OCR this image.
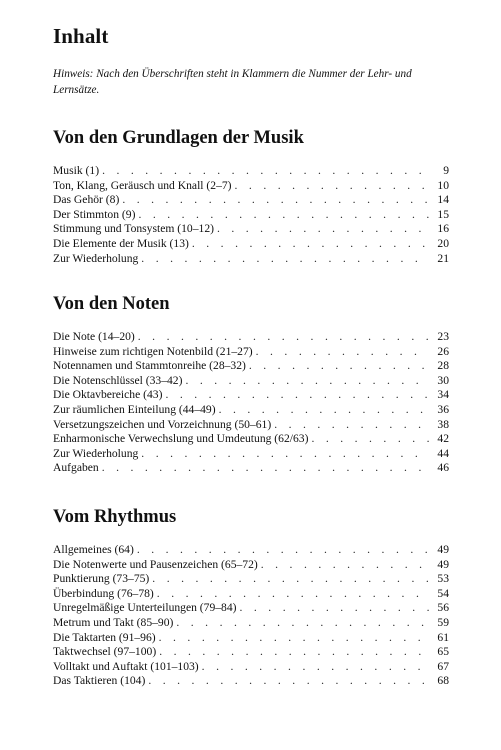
Inhalt
Hinweis: Nach den Überschriften steht in Klammern die Nummer der Lehr- und Lernsätze.
Von den Grundlagen der Musik
Musik (1) . . .	9
Ton, Klang, Geräusch und Knall (2–7) . . .	10
Das Gehör (8) . . .	14
Der Stimmton (9) . . .	15
Stimmung und Tonsystem (10–12) . . .	16
Die Elemente der Musik (13) . . .	20
Zur Wiederholung . . .	21
Von den Noten
Die Note (14–20) . . .	23
Hinweise zum richtigen Notenbild (21–27) . . .	26
Notennamen und Stammtonreihe (28–32) . . .	28
Die Notenschlüssel (33–42) . . .	30
Die Oktavbereiche (43) . . .	34
Zur räumlichen Einteilung (44–49) . . .	36
Versetzungszeichen und Vorzeichnung (50–61) . . .	38
Enharmonische Verwechslung und Umdeutung (62/63) . . .	42
Zur Wiederholung . . .	44
Aufgaben . . .	46
Vom Rhythmus
Allgemeines (64) . . .	49
Die Notenwerte und Pausenzeichen (65–72) . . .	49
Punktierung (73–75) . . .	53
Überbindung (76–78) . . .	54
Unregelmäßige Unterteilungen (79–84) . . .	56
Metrum und Takt (85–90) . . .	59
Die Taktarten (91–96) . . .	61
Taktwechsel (97–100) . . .	65
Volltakt und Auftakt (101–103) . . .	67
Das Taktieren (104) . . .	68
